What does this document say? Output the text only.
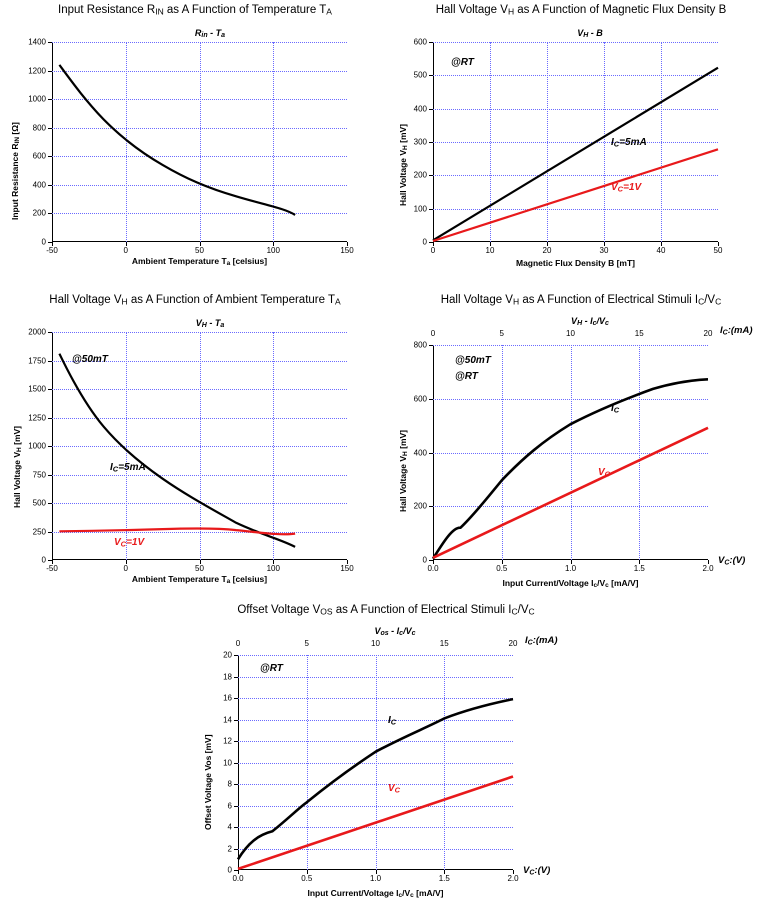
Input Resistance RIN as A Function of Temperature TA
Rin - Ta
-50	0	50	100	150
0
200
400
600
800
1000
1200
1400
Ambient Temperature Ta [celsius]
Input Resistance RIN [Ω]
Hall Voltage VH as A Function of Magnetic Flux Density B
VH - B
0	10	20	30	40	50
0
100
200
300
400
500
600
@RT
$I_C=5mA$
$V_C=1V$
Magnetic Flux Density B [mT]
Hall Voltage VH [mV]
Hall Voltage VH as A Function of Ambient Temperature TA
VH - Ta
-50	0	50	100	150
0
250
500
750
1000
1250
1500
1750
2000
@50mT
$I_C=5mA$
$V_C=1V$
Ambient Temperature Ta [celsius]
Hall Voltage VH [mV]
Hall Voltage VH as A Function of Electrical Stimuli IC/VC
VH - Ic/Vc
0.0	0.5	1.0	1.5	2.0
0	5	10	15	20
0
200
400
600
800
@50mT
@RT
$I_C$
$V_C$
IC:(mA)
VC:(V)
Input Current/Voltage Ic/Vc [mA/V]
Hall Voltage VH [mV]
Offset Voltage VOS as A Function of Electrical Stimuli IC/VC
Vos - Ic/Vc
0.0	0.5	1.0	1.5	2.0
0	5	10	15	20
0
2
4
6
8
10
12
14
16
18
20
@RT
$I_C$
$V_C$
IC:(mA)
VC:(V)
Input Current/Voltage Ic/Vc [mA/V]
Offset Voltage Vos [mV]
